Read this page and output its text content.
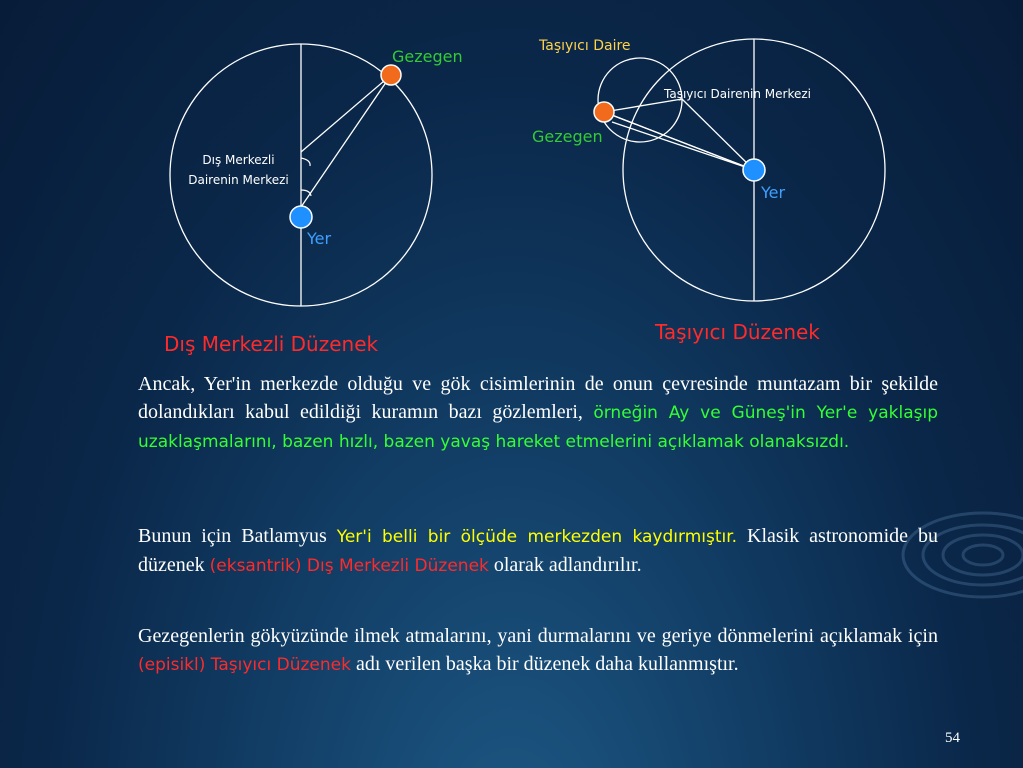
Gezegen
Dış Merkezli
Dairenin Merkezi
Yer
Dış Merkezli Düzenek
Taşıyıcı Daire
Taşıyıcı Dairenin Merkezi
Gezegen
Yer
Taşıyıcı Düzenek
Ancak, Yer'in merkezde olduğu ve gök cisimlerinin de onun çevresinde muntazam bir şekilde dolandıkları kabul edildiği kuramın bazı gözlemleri, örneğin Ay ve Güneş'in Yer'e yaklaşıp uzaklaşmalarını, bazen hızlı, bazen yavaş hareket etmelerini açıklamak olanaksızdı.
Bunun için Batlamyus Yer'i belli bir ölçüde merkezden kaydırmıştır. Klasik astronomide bu düzenek (eksantrik) Dış Merkezli Düzenek olarak adlandırılır.
Gezegenlerin gökyüzünde ilmek atmalarını, yani durmalarını ve geriye dönmelerini açıklamak için (episikl) Taşıyıcı Düzenek adı verilen başka bir düzenek daha kullanmıştır.
54
